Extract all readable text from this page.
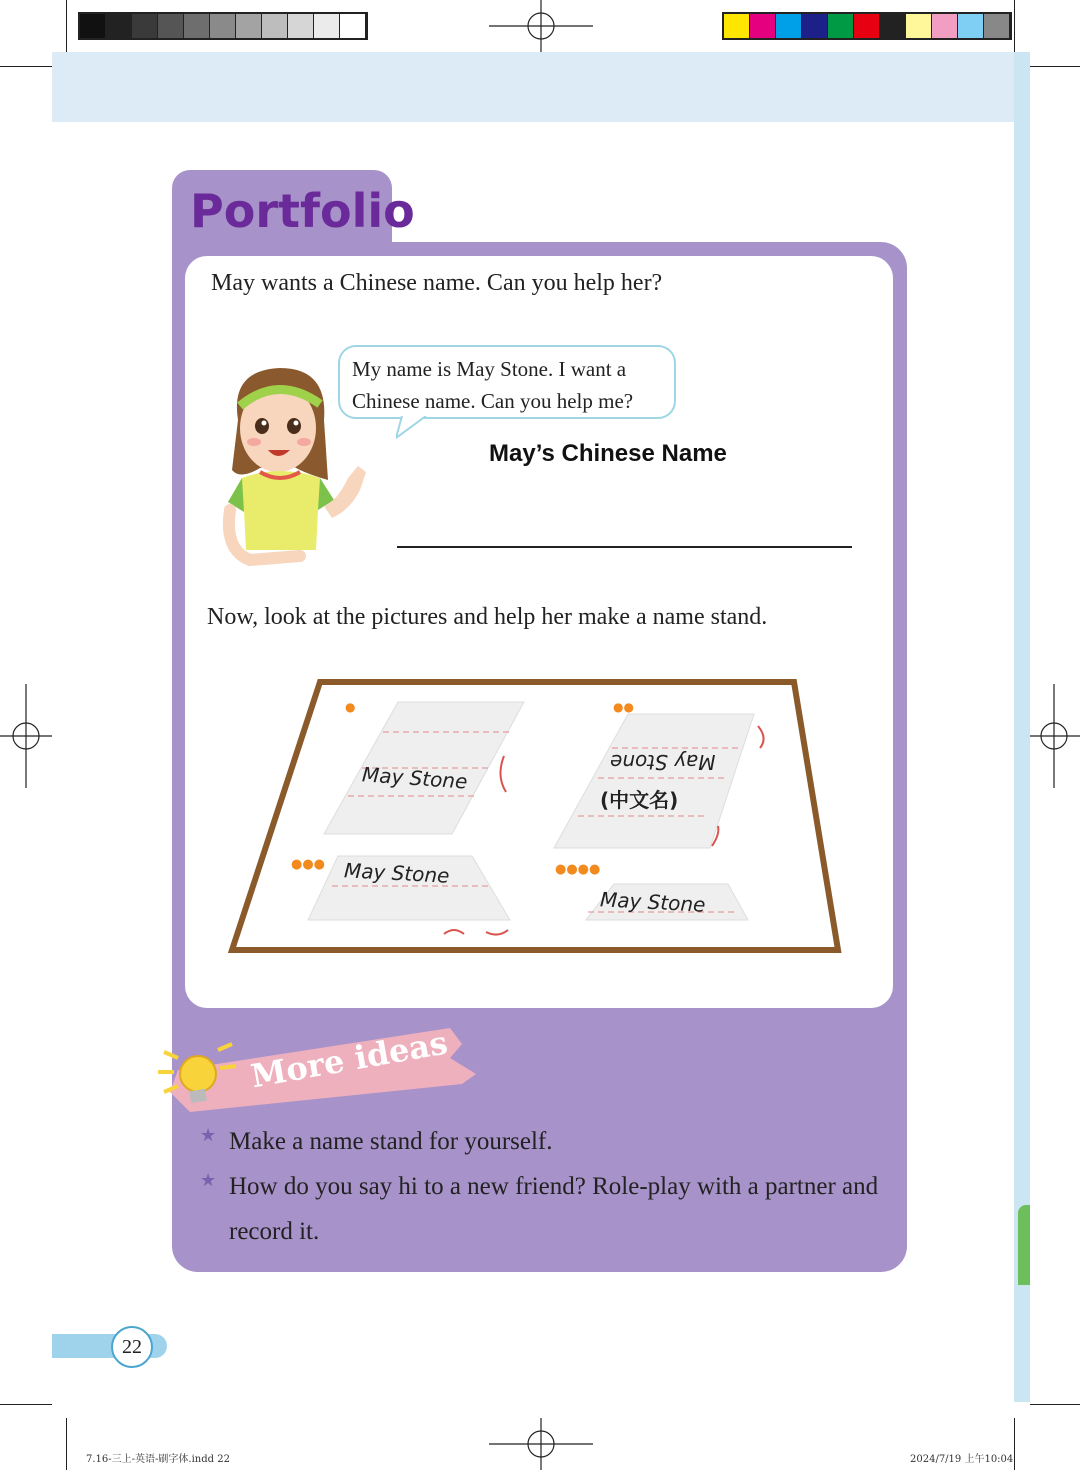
Portfolio
May wants a Chinese name. Can you help her?
My name is May Stone. I want a
Chinese name. Can you help me?
May’s Chinese Name
Now, look at the pictures and help her make a name stand.
●
May Stone
●●
May Stone
(中文名)
●●● May Stone	●●●●
May Stone
More ideas
★ Make a name stand for yourself.
★ How do you say hi to a new friend? Role-play with a partner and record it.
22
7.16-三上-英语-刷字体.indd 22	2024/7/19 上午10:04
